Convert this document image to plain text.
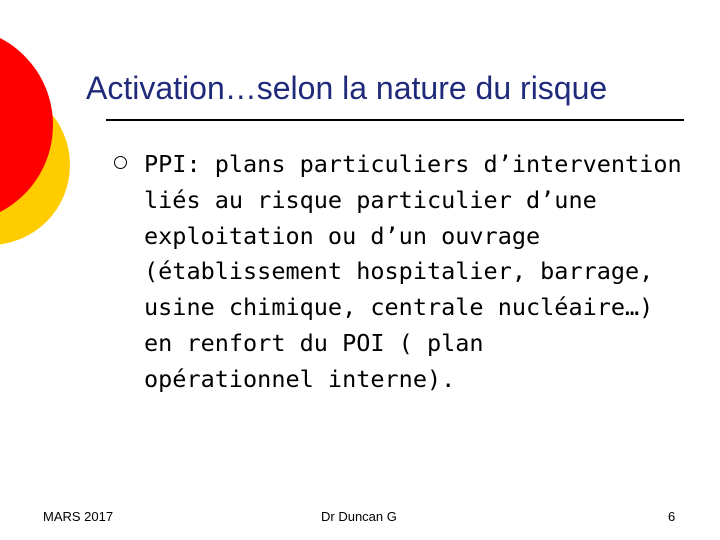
Activation…selon la nature du risque

PPI: plans particuliers d’intervention
liés au risque particulier d’une
exploitation ou d’un ouvrage
(établissement hospitalier, barrage,
usine chimique, centrale nucléaire…)
en renfort du POI ( plan
opérationnel interne).

MARS 2017	Dr Duncan G	6
